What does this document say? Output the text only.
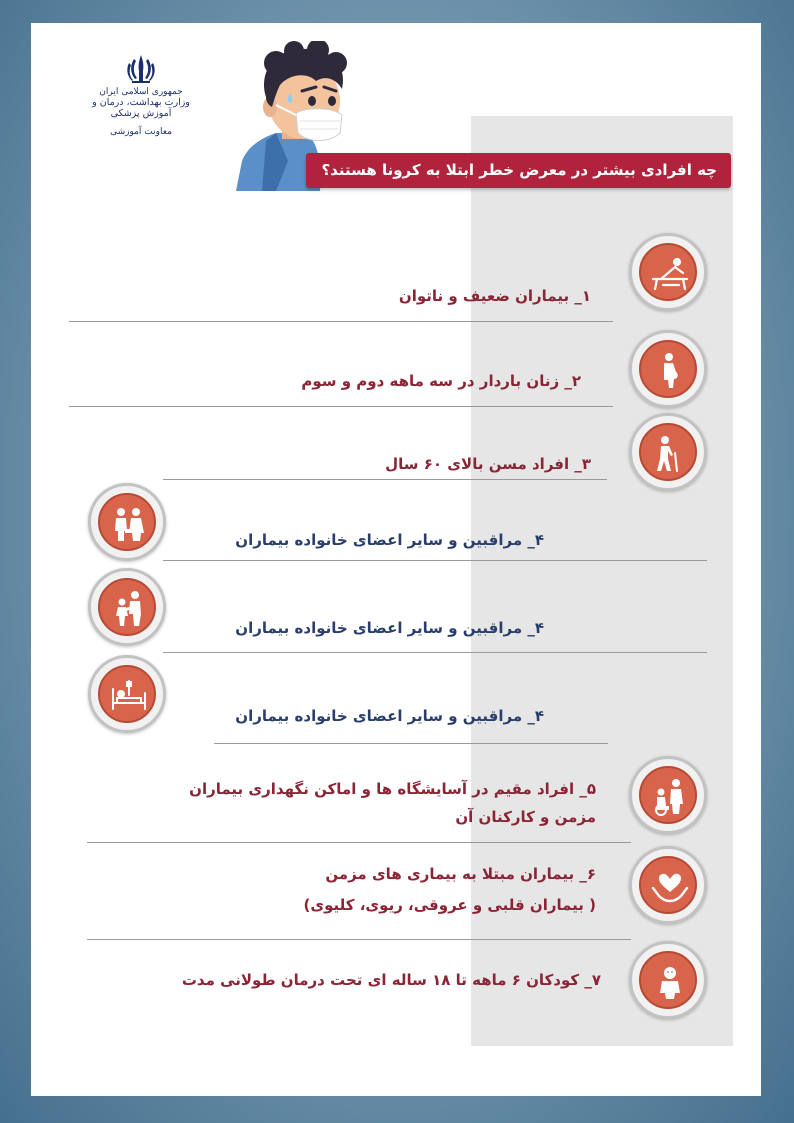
جمهوری اسلامی ایران
وزارت بهداشت، درمان و آموزش پزشکی
معاونت آموزشی
چه افرادی بیشتر در معرض خطر ابتلا به کرونا هستند؟
۱_ بیماران ضعیف و ناتوان
۲_ زنان باردار در سه ماهه دوم و سوم
۳_ افراد مسن بالای ۶۰ سال
۴_ مراقبین و سایر اعضای خانواده بیماران
۴_ مراقبین و سایر اعضای خانواده بیماران
۴_ مراقبین و سایر اعضای خانواده بیماران
۵_ افراد مقیم در آسایشگاه ها و اماکن نگهداری بیماران
مزمن و کارکنان آن
۶_ بیماران مبتلا به بیماری های مزمن
( بیماران قلبی و عروقی، ریوی، کلیوی)
۷_ کودکان ۶ ماهه تا ۱۸ ساله ای تحت درمان طولانی مدت
